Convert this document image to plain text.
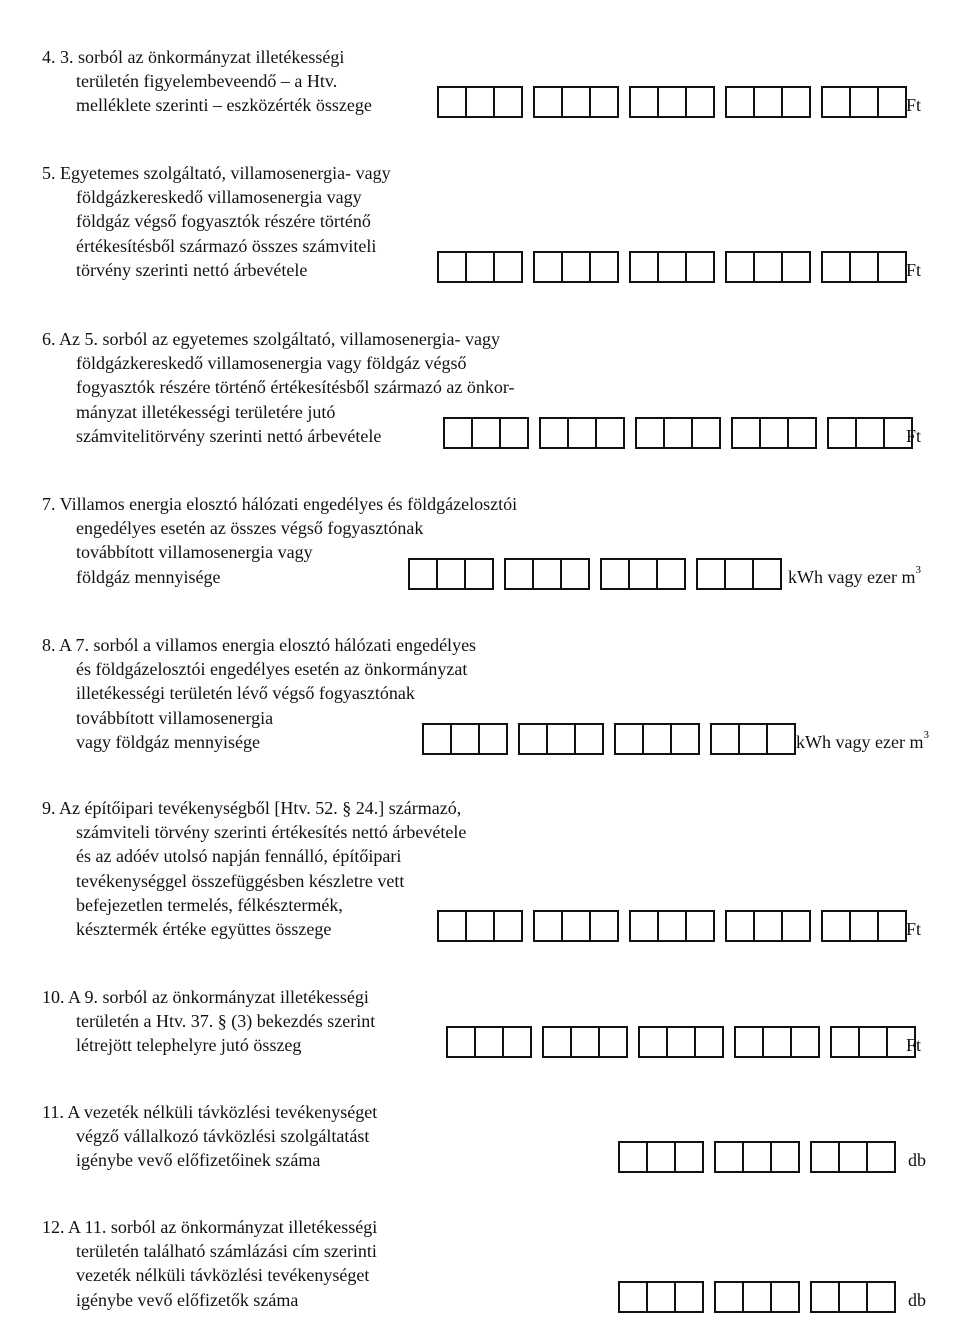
4. 3. sorból az önkormányzat illetékességi
területén figyelembeveendő – a Htv.
melléklete szerinti – eszközérték összege	Ft
5. Egyetemes szolgáltató, villamosenergia- vagy
földgázkereskedő villamosenergia vagy
földgáz végső fogyasztók részére történő
értékesítésből származó összes számviteli
törvény szerinti nettó árbevétele	Ft
6. Az 5. sorból az egyetemes szolgáltató, villamosenergia- vagy
földgázkereskedő villamosenergia vagy földgáz végső
fogyasztók részére történő értékesítésből származó az önkor-
mányzat illetékességi területére jutó
számvitelitörvény szerinti nettó árbevétele	Ft
7. Villamos energia elosztó hálózati engedélyes és földgázelosztói
engedélyes esetén az összes végső fogyasztónak
továbbított villamosenergia vagy
földgáz mennyisége	kWh vagy ezer $m^3$
8. A 7. sorból a villamos energia elosztó hálózati engedélyes
és földgázelosztói engedélyes esetén az önkormányzat
illetékességi területén lévő végső fogyasztónak
továbbított villamosenergia
vagy földgáz mennyisége	kWh vagy ezer $m^3$
9. Az építőipari tevékenységből [Htv. 52. § 24.] származó,
számviteli törvény szerinti értékesítés nettó árbevétele
és az adóév utolsó napján fennálló, építőipari
tevékenységgel összefüggésben készletre vett
befejezetlen termelés, félkésztermék,
késztermék értéke együttes összege	Ft
10. A 9. sorból az önkormányzat illetékességi
területén a Htv. 37. § (3) bekezdés szerint
létrejött telephelyre jutó összeg	Ft
11. A vezeték nélküli távközlési tevékenységet
végző vállalkozó távközlési szolgáltatást
igénybe vevő előfizetőinek száma	db
12. A 11. sorból az önkormányzat illetékességi
területén található számlázási cím szerinti
vezeték nélküli távközlési tevékenységet
igénybe vevő előfizetők száma	db
